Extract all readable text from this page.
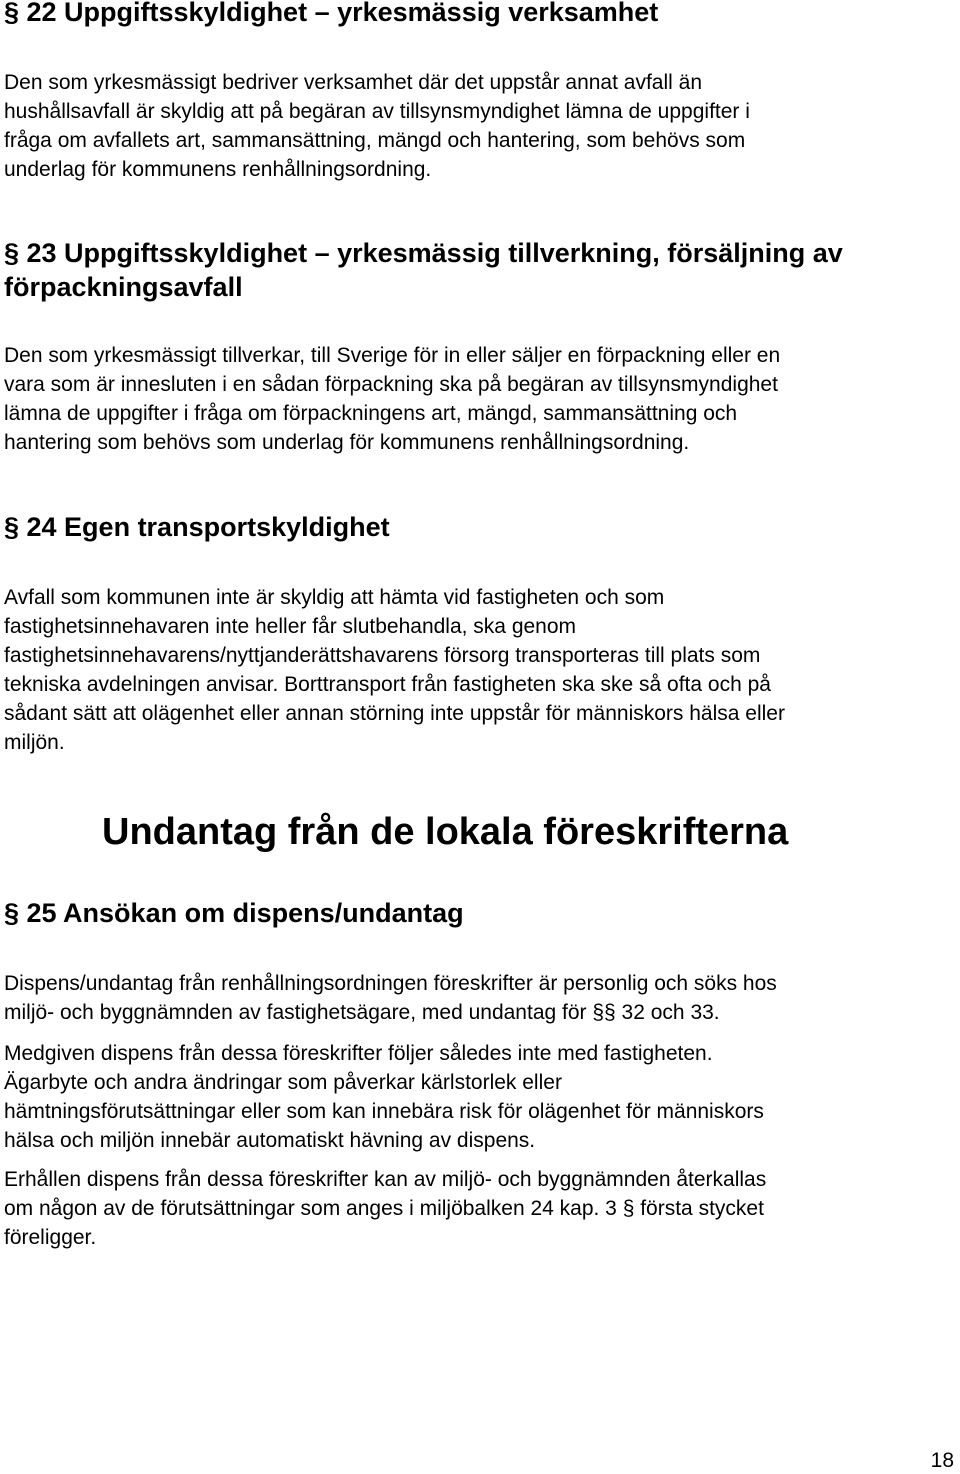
§ 22 Uppgiftsskyldighet – yrkesmässig verksamhet

Den som yrkesmässigt bedriver verksamhet där det uppstår annat avfall än
hushållsavfall är skyldig att på begäran av tillsynsmyndighet lämna de uppgifter i
fråga om avfallets art, sammansättning, mängd och hantering, som behövs som
underlag för kommunens renhållningsordning.

§ 23 Uppgiftsskyldighet – yrkesmässig tillverkning, försäljning av
förpackningsavfall

Den som yrkesmässigt tillverkar, till Sverige för in eller säljer en förpackning eller en
vara som är innesluten i en sådan förpackning ska på begäran av tillsynsmyndighet
lämna de uppgifter i fråga om förpackningens art, mängd, sammansättning och
hantering som behövs som underlag för kommunens renhållningsordning.

§ 24 Egen transportskyldighet

Avfall som kommunen inte är skyldig att hämta vid fastigheten och som
fastighetsinnehavaren inte heller får slutbehandla, ska genom
fastighetsinnehavarens/nyttjanderättshavarens försorg transporteras till plats som
tekniska avdelningen anvisar. Borttransport från fastigheten ska ske så ofta och på
sådant sätt att olägenhet eller annan störning inte uppstår för människors hälsa eller
miljön.

Undantag från de lokala föreskrifterna
§ 25 Ansökan om dispens/undantag

Dispens/undantag från renhållningsordningen föreskrifter är personlig och söks hos
miljö- och byggnämnden av fastighetsägare, med undantag för §§ 32 och 33.

Medgiven dispens från dessa föreskrifter följer således inte med fastigheten.
Ägarbyte och andra ändringar som påverkar kärlstorlek eller
hämtningsförutsättningar eller som kan innebära risk för olägenhet för människors
hälsa och miljön innebär automatiskt hävning av dispens.

Erhållen dispens från dessa föreskrifter kan av miljö- och byggnämnden återkallas
om någon av de förutsättningar som anges i miljöbalken 24 kap. 3 § första stycket
föreligger.

18
